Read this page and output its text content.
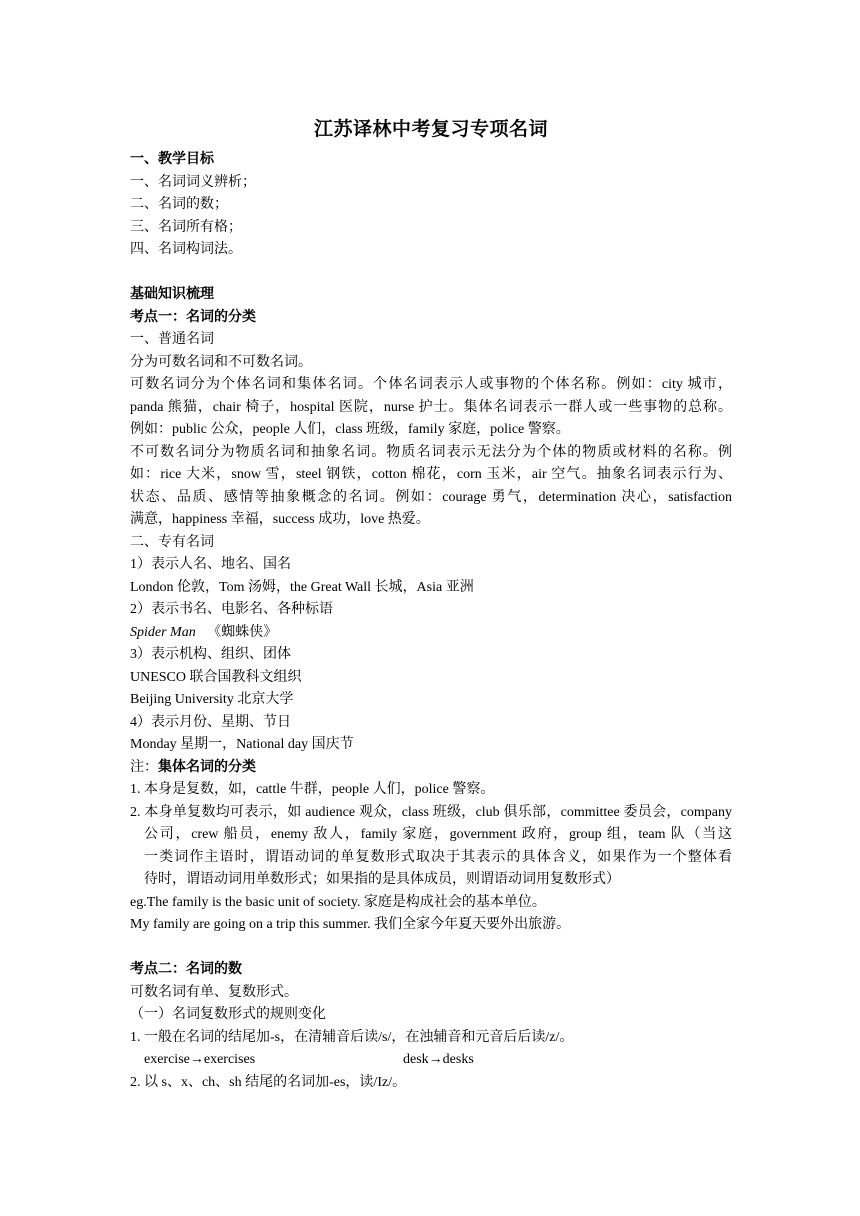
江苏译林中考复习专项名词
一、教学目标
一、名词词义辨析；
二、名词的数；
三、名词所有格；
四、名词构词法。
基础知识梳理
考点一：名词的分类
一、普通名词
分为可数名词和不可数名词。
可数名词分为个体名词和集体名词。个体名词表示人或事物的个体名称。例如：city 城市，
panda 熊猫，chair 椅子，hospital 医院，nurse 护士。集体名词表示一群人或一些事物的总称。
例如：public 公众，people 人们，class 班级，family 家庭，police 警察。
不可数名词分为物质名词和抽象名词。物质名词表示无法分为个体的物质或材料的名称。例
如：rice 大米，snow 雪，steel 钢铁，cotton 棉花，corn 玉米，air 空气。抽象名词表示行为、
状态、品质、感情等抽象概念的名词。例如：courage 勇气，determination 决心，satisfaction
满意，happiness 幸福，success 成功，love 热爱。
二、专有名词
1）表示人名、地名、国名
London 伦敦，Tom 汤姆，the Great Wall 长城，Asia 亚洲
2）表示书名、电影名、各种标语
Spider Man 《蜘蛛侠》
3）表示机构、组织、团体
UNESCO 联合国教科文组织
Beijing University 北京大学
4）表示月份、星期、节日
Monday 星期一，National day 国庆节
注：集体名词的分类
1. 本身是复数，如，cattle 牛群，people 人们，police 警察。
2. 本身单复数均可表示，如 audience 观众，class 班级，club 俱乐部，committee 委员会，company
公司，crew 船员，enemy 敌人，family 家庭，government 政府，group 组，team 队（当这
一类词作主语时，谓语动词的单复数形式取决于其表示的具体含义，如果作为一个整体看
待时，谓语动词用单数形式；如果指的是具体成员，则谓语动词用复数形式）
eg.The family is the basic unit of society. 家庭是构成社会的基本单位。
My family are going on a trip this summer. 我们全家今年夏天要外出旅游。
考点二：名词的数
可数名词有单、复数形式。
（一）名词复数形式的规则变化
1. 一般在名词的结尾加-s，在清辅音后读/s/，在浊辅音和元音后后读/z/。
exercise→exercises	desk→desks
2. 以 s、x、ch、sh 结尾的名词加-es，读/Iz/。
